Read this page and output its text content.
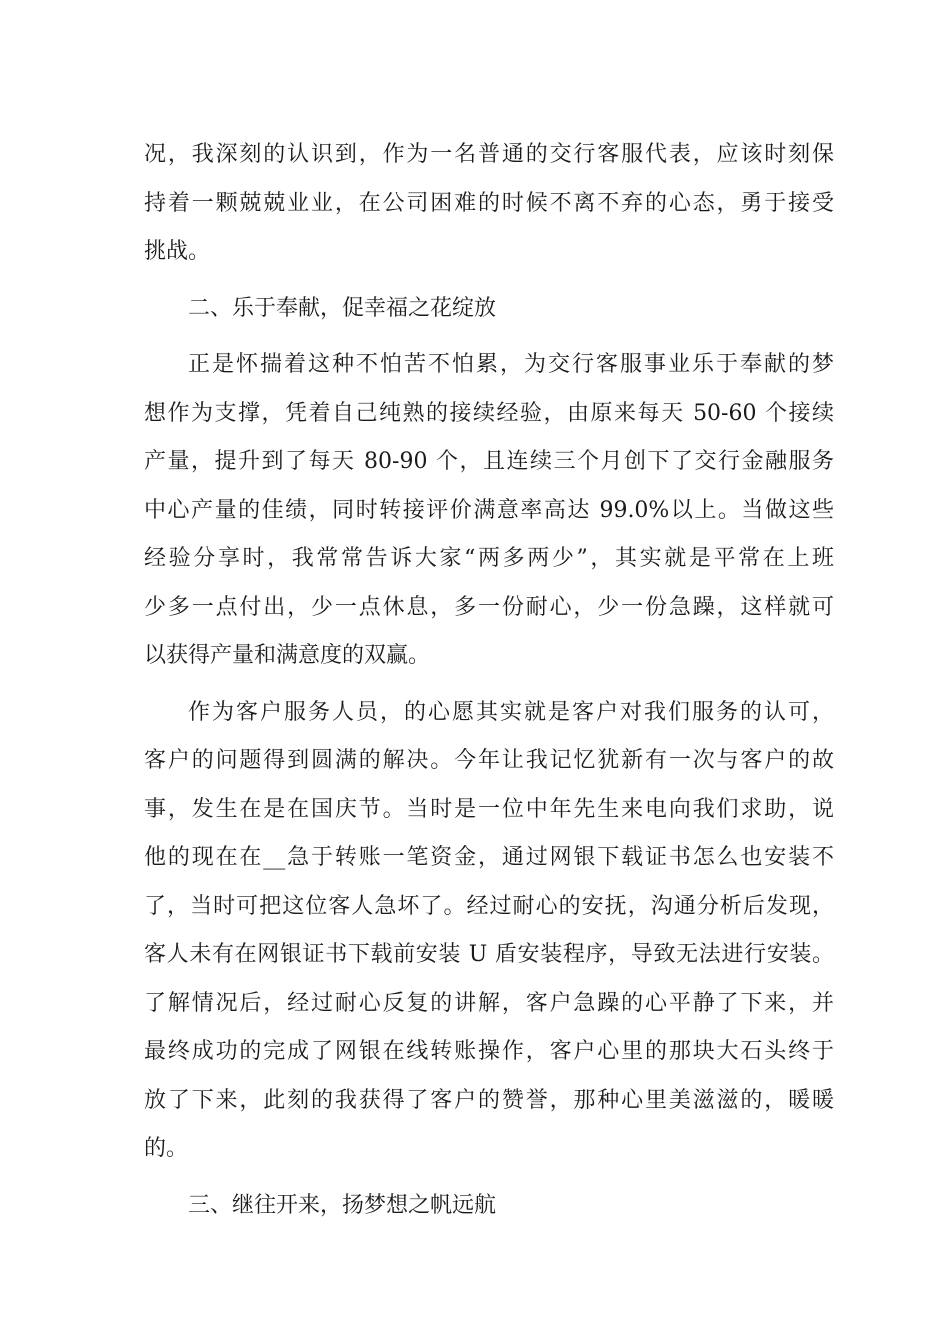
况，我深刻的认识到，作为一名普通的交行客服代表，应该时刻保
持着一颗兢兢业业，在公司困难的时候不离不弃的心态，勇于接受
挑战。
二、乐于奉献，促幸福之花绽放
正是怀揣着这种不怕苦不怕累，为交行客服事业乐于奉献的梦
想作为支撑，凭着自己纯熟的接续经验，由原来每天 50-60 个接续
产量，提升到了每天 80-90 个，且连续三个月创下了交行金融服务
中心产量的佳绩，同时转接评价满意率高达 99.0%以上。当做这些
经验分享时，我常常告诉大家“两多两少”，其实就是平常在上班
少多一点付出，少一点休息，多一份耐心，少一份急躁，这样就可
以获得产量和满意度的双赢。
作为客户服务人员，的心愿其实就是客户对我们服务的认可，
客户的问题得到圆满的解决。今年让我记忆犹新有一次与客户的故
事，发生在是在国庆节。当时是一位中年先生来电向我们求助，说
他的现在在__急于转账一笔资金，通过网银下载证书怎么也安装不
了，当时可把这位客人急坏了。经过耐心的安抚，沟通分析后发现，
客人未有在网银证书下载前安装 U 盾安装程序，导致无法进行安装。
了解情况后，经过耐心反复的讲解，客户急躁的心平静了下来，并
最终成功的完成了网银在线转账操作，客户心里的那块大石头终于
放了下来，此刻的我获得了客户的赞誉，那种心里美滋滋的，暖暖
的。
三、继往开来，扬梦想之帆远航
